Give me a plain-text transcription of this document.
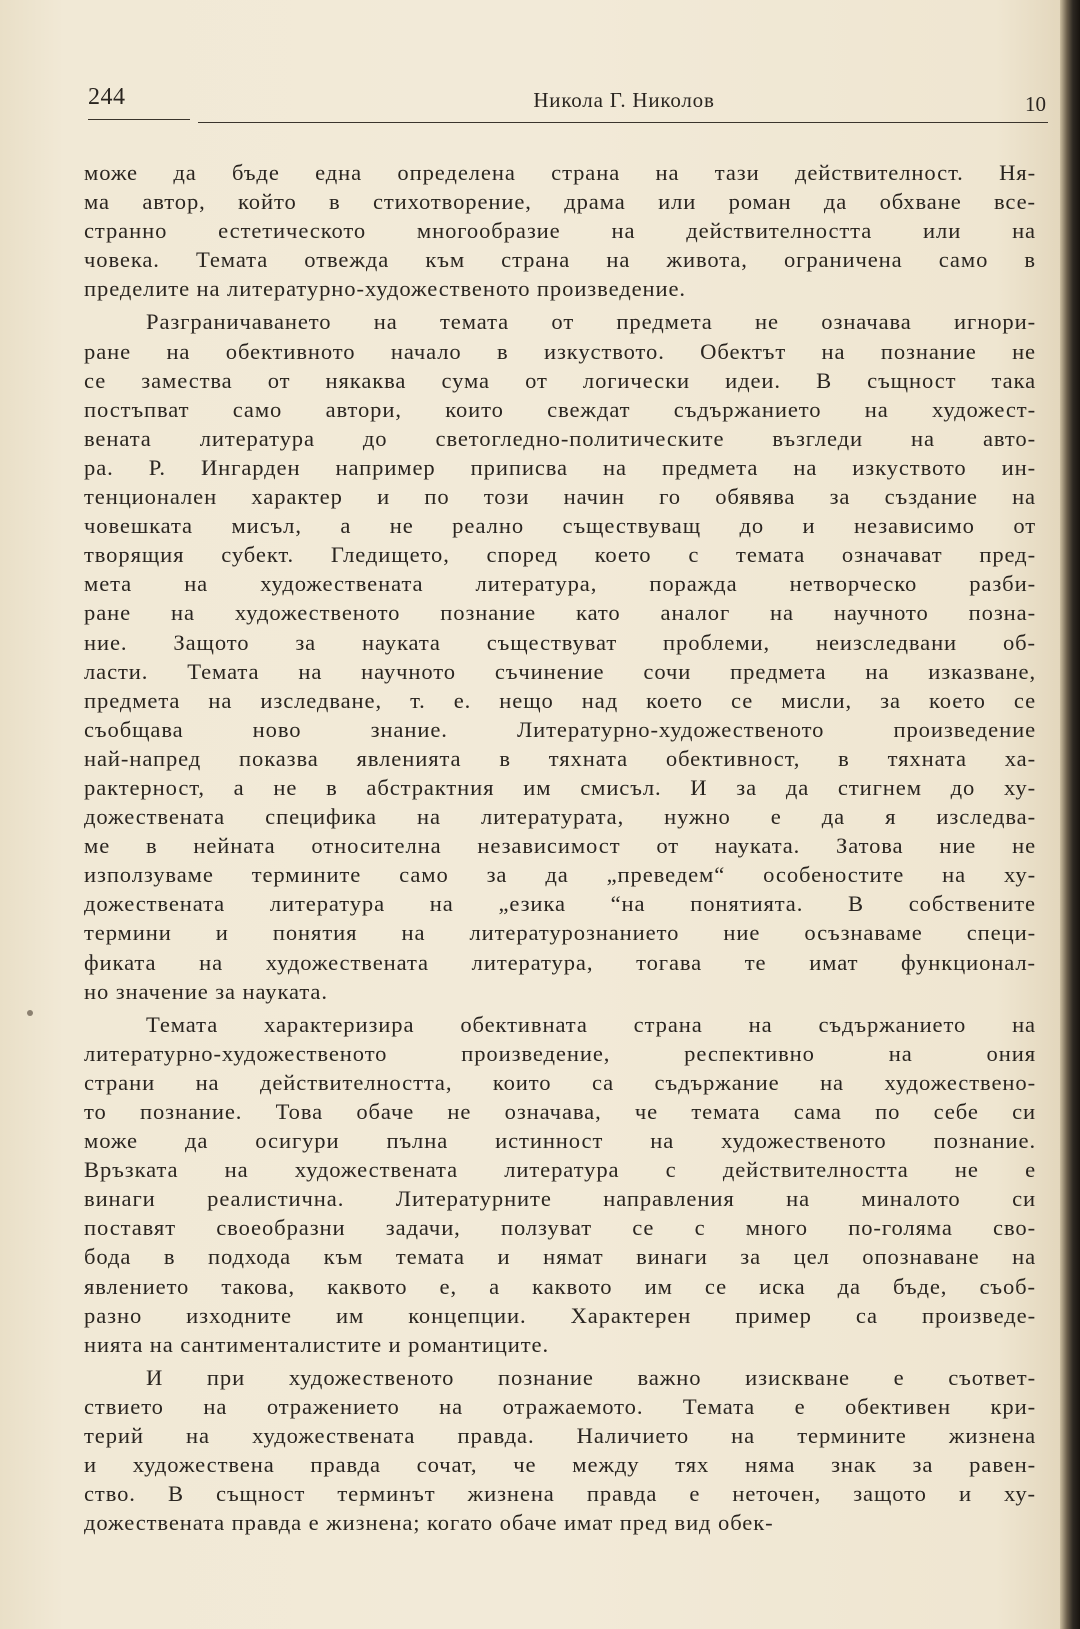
244	Никола Г. Николов	10
може да бъде една определена страна на тази действителност. Ня-
ма автор, който в стихотворение, драма или роман да обхване все-
странно естетическото многообразие на действителността или на
човека. Темата отвежда към страна на живота, ограничена само в
пределите на литературно-художественото произведение.
Разграничаването на темата от предмета не означава игнори-
ране на обективното начало в изкуството. Обектът на познание не
се замества от някаква сума от логически идеи. В същност така
постъпват само автори, които свеждат съдържанието на художест-
вената литература до светогледно-политическите възгледи на авто-
ра. Р. Ингарден например приписва на предмета на изкуството ин-
тенционален характер и по този начин го обявява за създание на
човешката мисъл, а не реално съществуващ до и независимо от
творящия субект. Гледището, според което с темата означават пред-
мета на художествената литература, поражда нетворческо разби-
ране на художественото познание като аналог на научното позна-
ние. Защото за науката съществуват проблеми, неизследвани об-
ласти. Темата на научното съчинение сочи предмета на изказване,
предмета на изследване, т. е. нещо над което се мисли, за което се
съобщава ново знание. Литературно-художественото произведение
най-напред показва явленията в тяхната обективност, в тяхната ха-
рактерност, а не в абстрактния им смисъл. И за да стигнем до ху-
дожествената специфика на литературата, нужно е да я изследва-
ме в нейната относителна независимост от науката. Затова ние не
използуваме термините само за да „преведем“ особеностите на ху-
дожествената литература на „езика “на понятията. В собствените
термини и понятия на литературознанието ние осъзнаваме специ-
фиката на художествената литература, тогава те имат функционал-
но значение за науката.
Темата характеризира обективната страна на съдържанието на
литературно-художественото произведение, респективно на ония
страни на действителността, които са съдържание на художествено-
то познание. Това обаче не означава, че темата сама по себе си
може да осигури пълна истинност на художественото познание.
Връзката на художествената литература с действителността не е
винаги реалистична. Литературните направления на миналото си
поставят своеобразни задачи, ползуват се с много по-голяма сво-
бода в подхода към темата и нямат винаги за цел опознаване на
явлението такова, каквото е, а каквото им се иска да бъде, съоб-
разно изходните им концепции. Характерен пример са произведе-
нията на сантименталистите и романтиците.
И при художественото познание важно изискване е съответ-
ствието на отражението на отражаемото. Темата е обективен кри-
терий на художествената правда. Наличието на термините жизнена
и художествена правда сочат, че между тях няма знак за равен-
ство. В същност терминът жизнена правда е неточен, защото и ху-
дожествената правда е жизнена; когато обаче имат пред вид обек-
